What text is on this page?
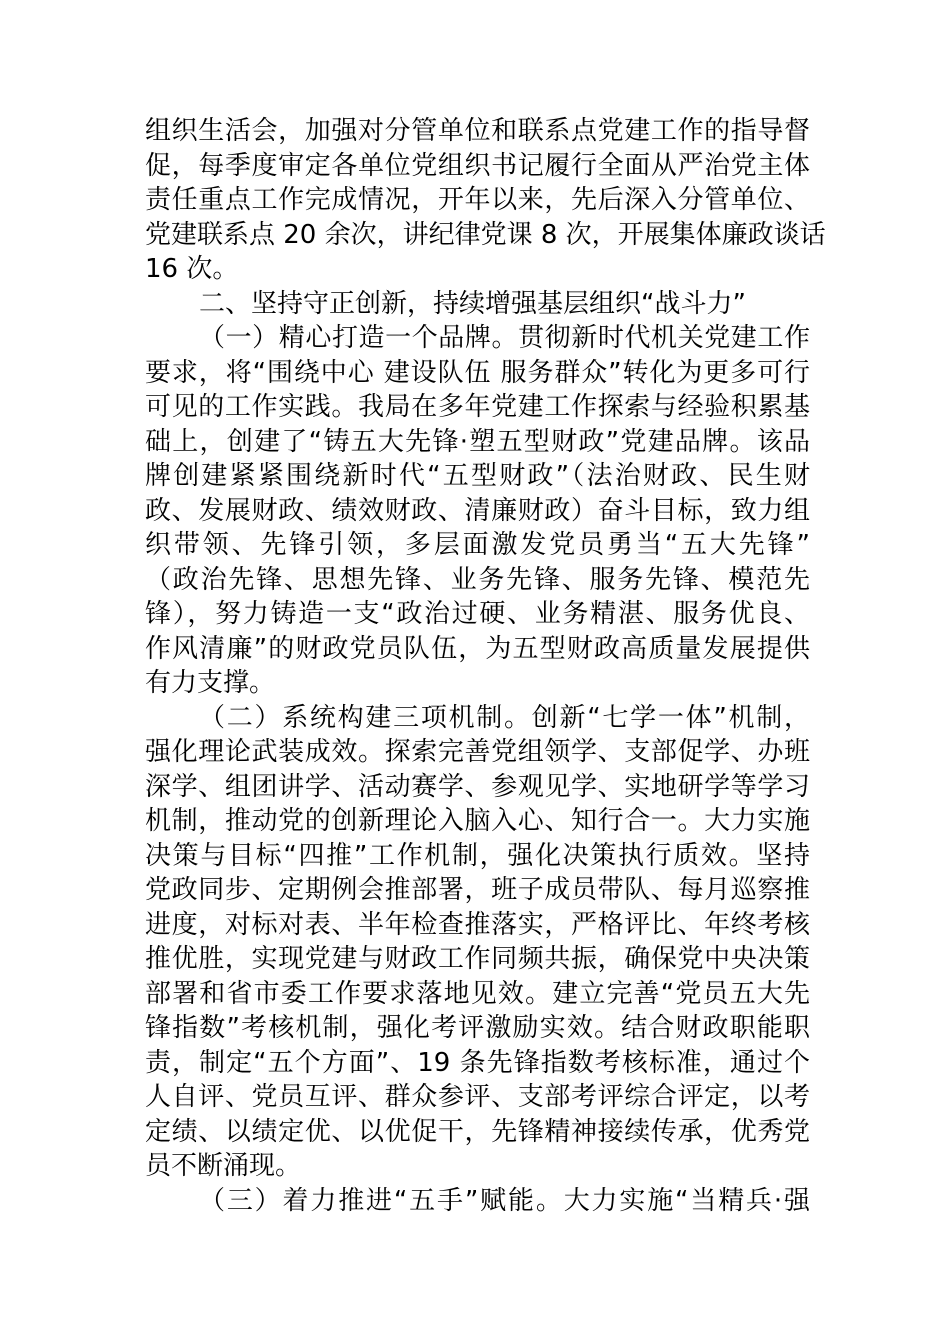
组织生活会，加强对分管单位和联系点党建工作的指导督
促，每季度审定各单位党组织书记履行全面从严治党主体
责任重点工作完成情况，开年以来，先后深入分管单位、
党建联系点 20 余次，讲纪律党课 8 次，开展集体廉政谈话
16 次。
二、坚持守正创新，持续增强基层组织“战斗力”
（一）精心打造一个品牌。贯彻新时代机关党建工作
要求，将“围绕中心 建设队伍 服务群众”转化为更多可行
可见的工作实践。我局在多年党建工作探索与经验积累基
础上，创建了“铸五大先锋·塑五型财政”党建品牌。该品
牌创建紧紧围绕新时代“五型财政”（法治财政、民生财
政、发展财政、绩效财政、清廉财政）奋斗目标，致力组
织带领、先锋引领，多层面激发党员勇当“五大先锋”
（政治先锋、思想先锋、业务先锋、服务先锋、模范先
锋），努力铸造一支“政治过硬、业务精湛、服务优良、
作风清廉”的财政党员队伍，为五型财政高质量发展提供
有力支撑。
（二）系统构建三项机制。创新“七学一体”机制，
强化理论武装成效。探索完善党组领学、支部促学、办班
深学、组团讲学、活动赛学、参观见学、实地研学等学习
机制，推动党的创新理论入脑入心、知行合一。大力实施
决策与目标“四推”工作机制，强化决策执行质效。坚持
党政同步、定期例会推部署，班子成员带队、每月巡察推
进度，对标对表、半年检查推落实，严格评比、年终考核
推优胜，实现党建与财政工作同频共振，确保党中央决策
部署和省市委工作要求落地见效。建立完善“党员五大先
锋指数”考核机制，强化考评激励实效。结合财政职能职
责，制定“五个方面”、19 条先锋指数考核标准，通过个
人自评、党员互评、群众参评、支部考评综合评定，以考
定绩、以绩定优、以优促干，先锋精神接续传承，优秀党
员不断涌现。
（三）着力推进“五手”赋能。大力实施“当精兵·强
